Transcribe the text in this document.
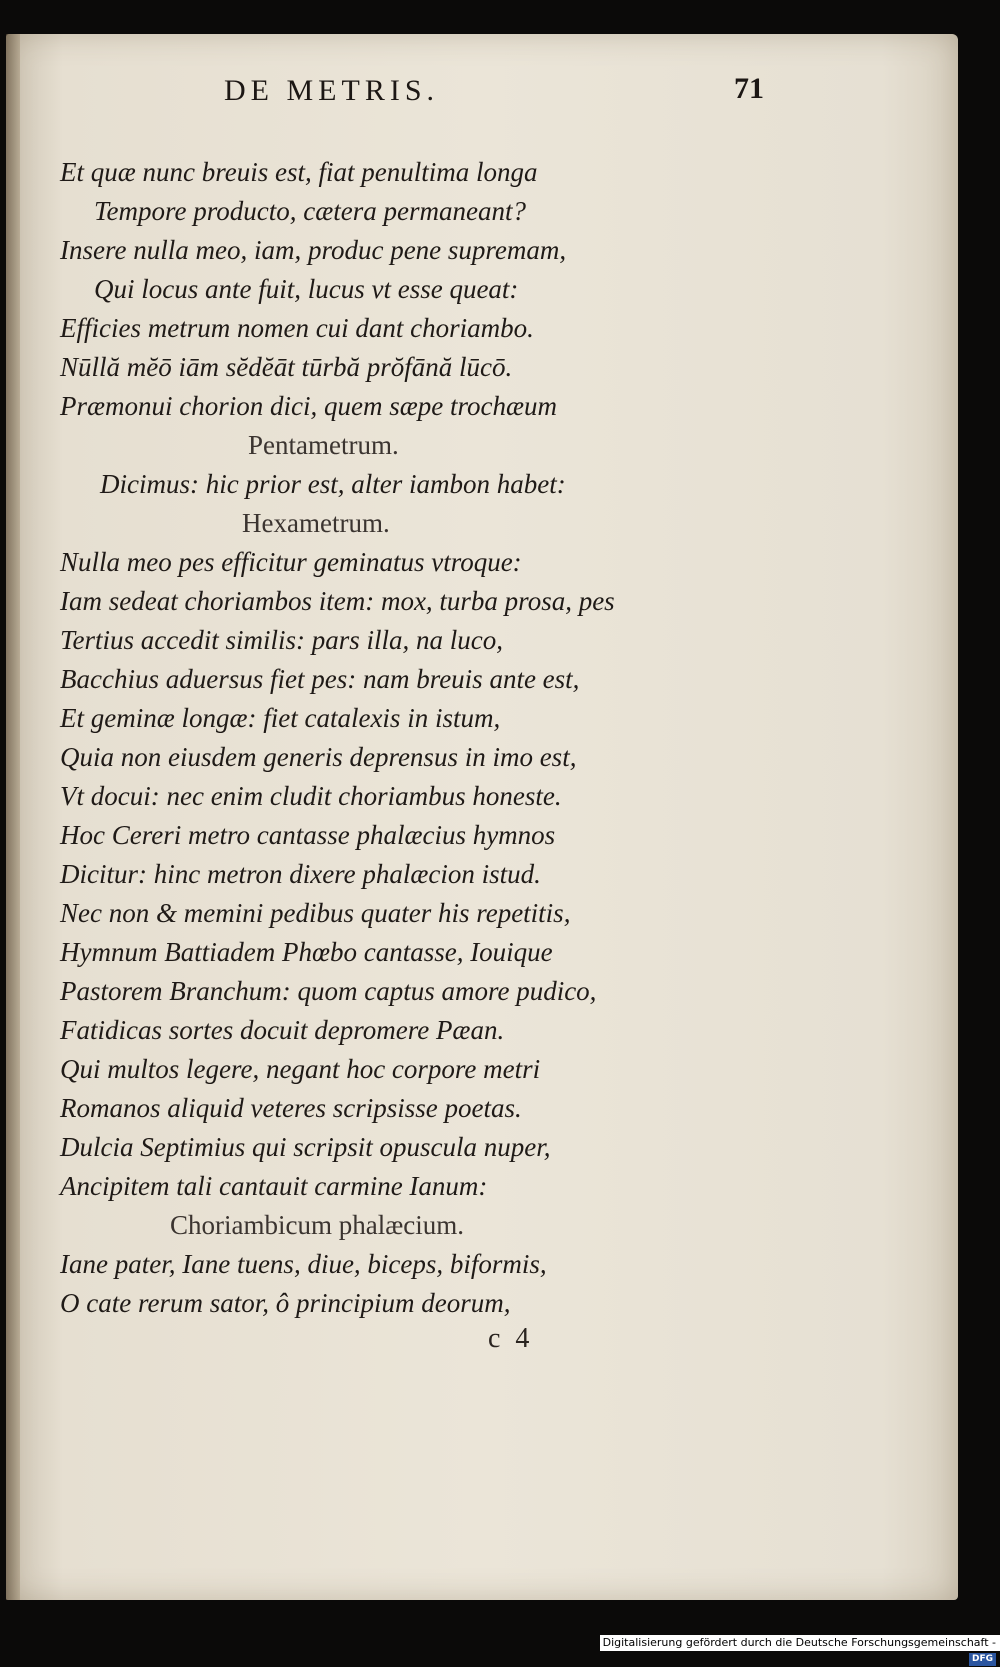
DE METRIS.	71
Et quæ nunc breuis est, fiat penultima longa
Tempore producto, cætera permaneant?
Insere nulla meo, iam, produc pene supremam,
Qui locus ante fuit, lucus vt esse queat:
Efficies metrum nomen cui dant choriambo.
Nūllă mĕō iām sĕdĕāt tūrbă prŏfānă lūcō.
Præmonui chorion dici, quem sæpe trochæum
Pentametrum.
Dicimus: hic prior est, alter iambon habet:
Hexametrum.
Nulla meo pes efficitur geminatus vtroque:
Iam sedeat choriambos item: mox, turba prosa, pes
Tertius accedit similis: pars illa, na luco,
Bacchius aduersus fiet pes: nam breuis ante est,
Et geminæ longæ: fiet catalexis in istum,
Quia non eiusdem generis deprensus in imo est,
Vt docui: nec enim cludit choriambus honeste.
Hoc Cereri metro cantasse phalæcius hymnos
Dicitur: hinc metron dixere phalæcion istud.
Nec non & memini pedibus quater his repetitis,
Hymnum Battiadem Phœbo cantasse, Iouique
Pastorem Branchum: quom captus amore pudico,
Fatidicas sortes docuit depromere Pæan.
Qui multos legere, negant hoc corpore metri
Romanos aliquid veteres scripsisse poetas.
Dulcia Septimius qui scripsit opuscula nuper,
Ancipitem tali cantauit carmine Ianum:
Choriambicum phalæcium.
Iane pater, Iane tuens, diue, biceps, biformis,
O cate rerum sator, ô principium deorum,
c 4
Digitalisierung gefördert durch die Deutsche Forschungsgemeinschaft - DFG
